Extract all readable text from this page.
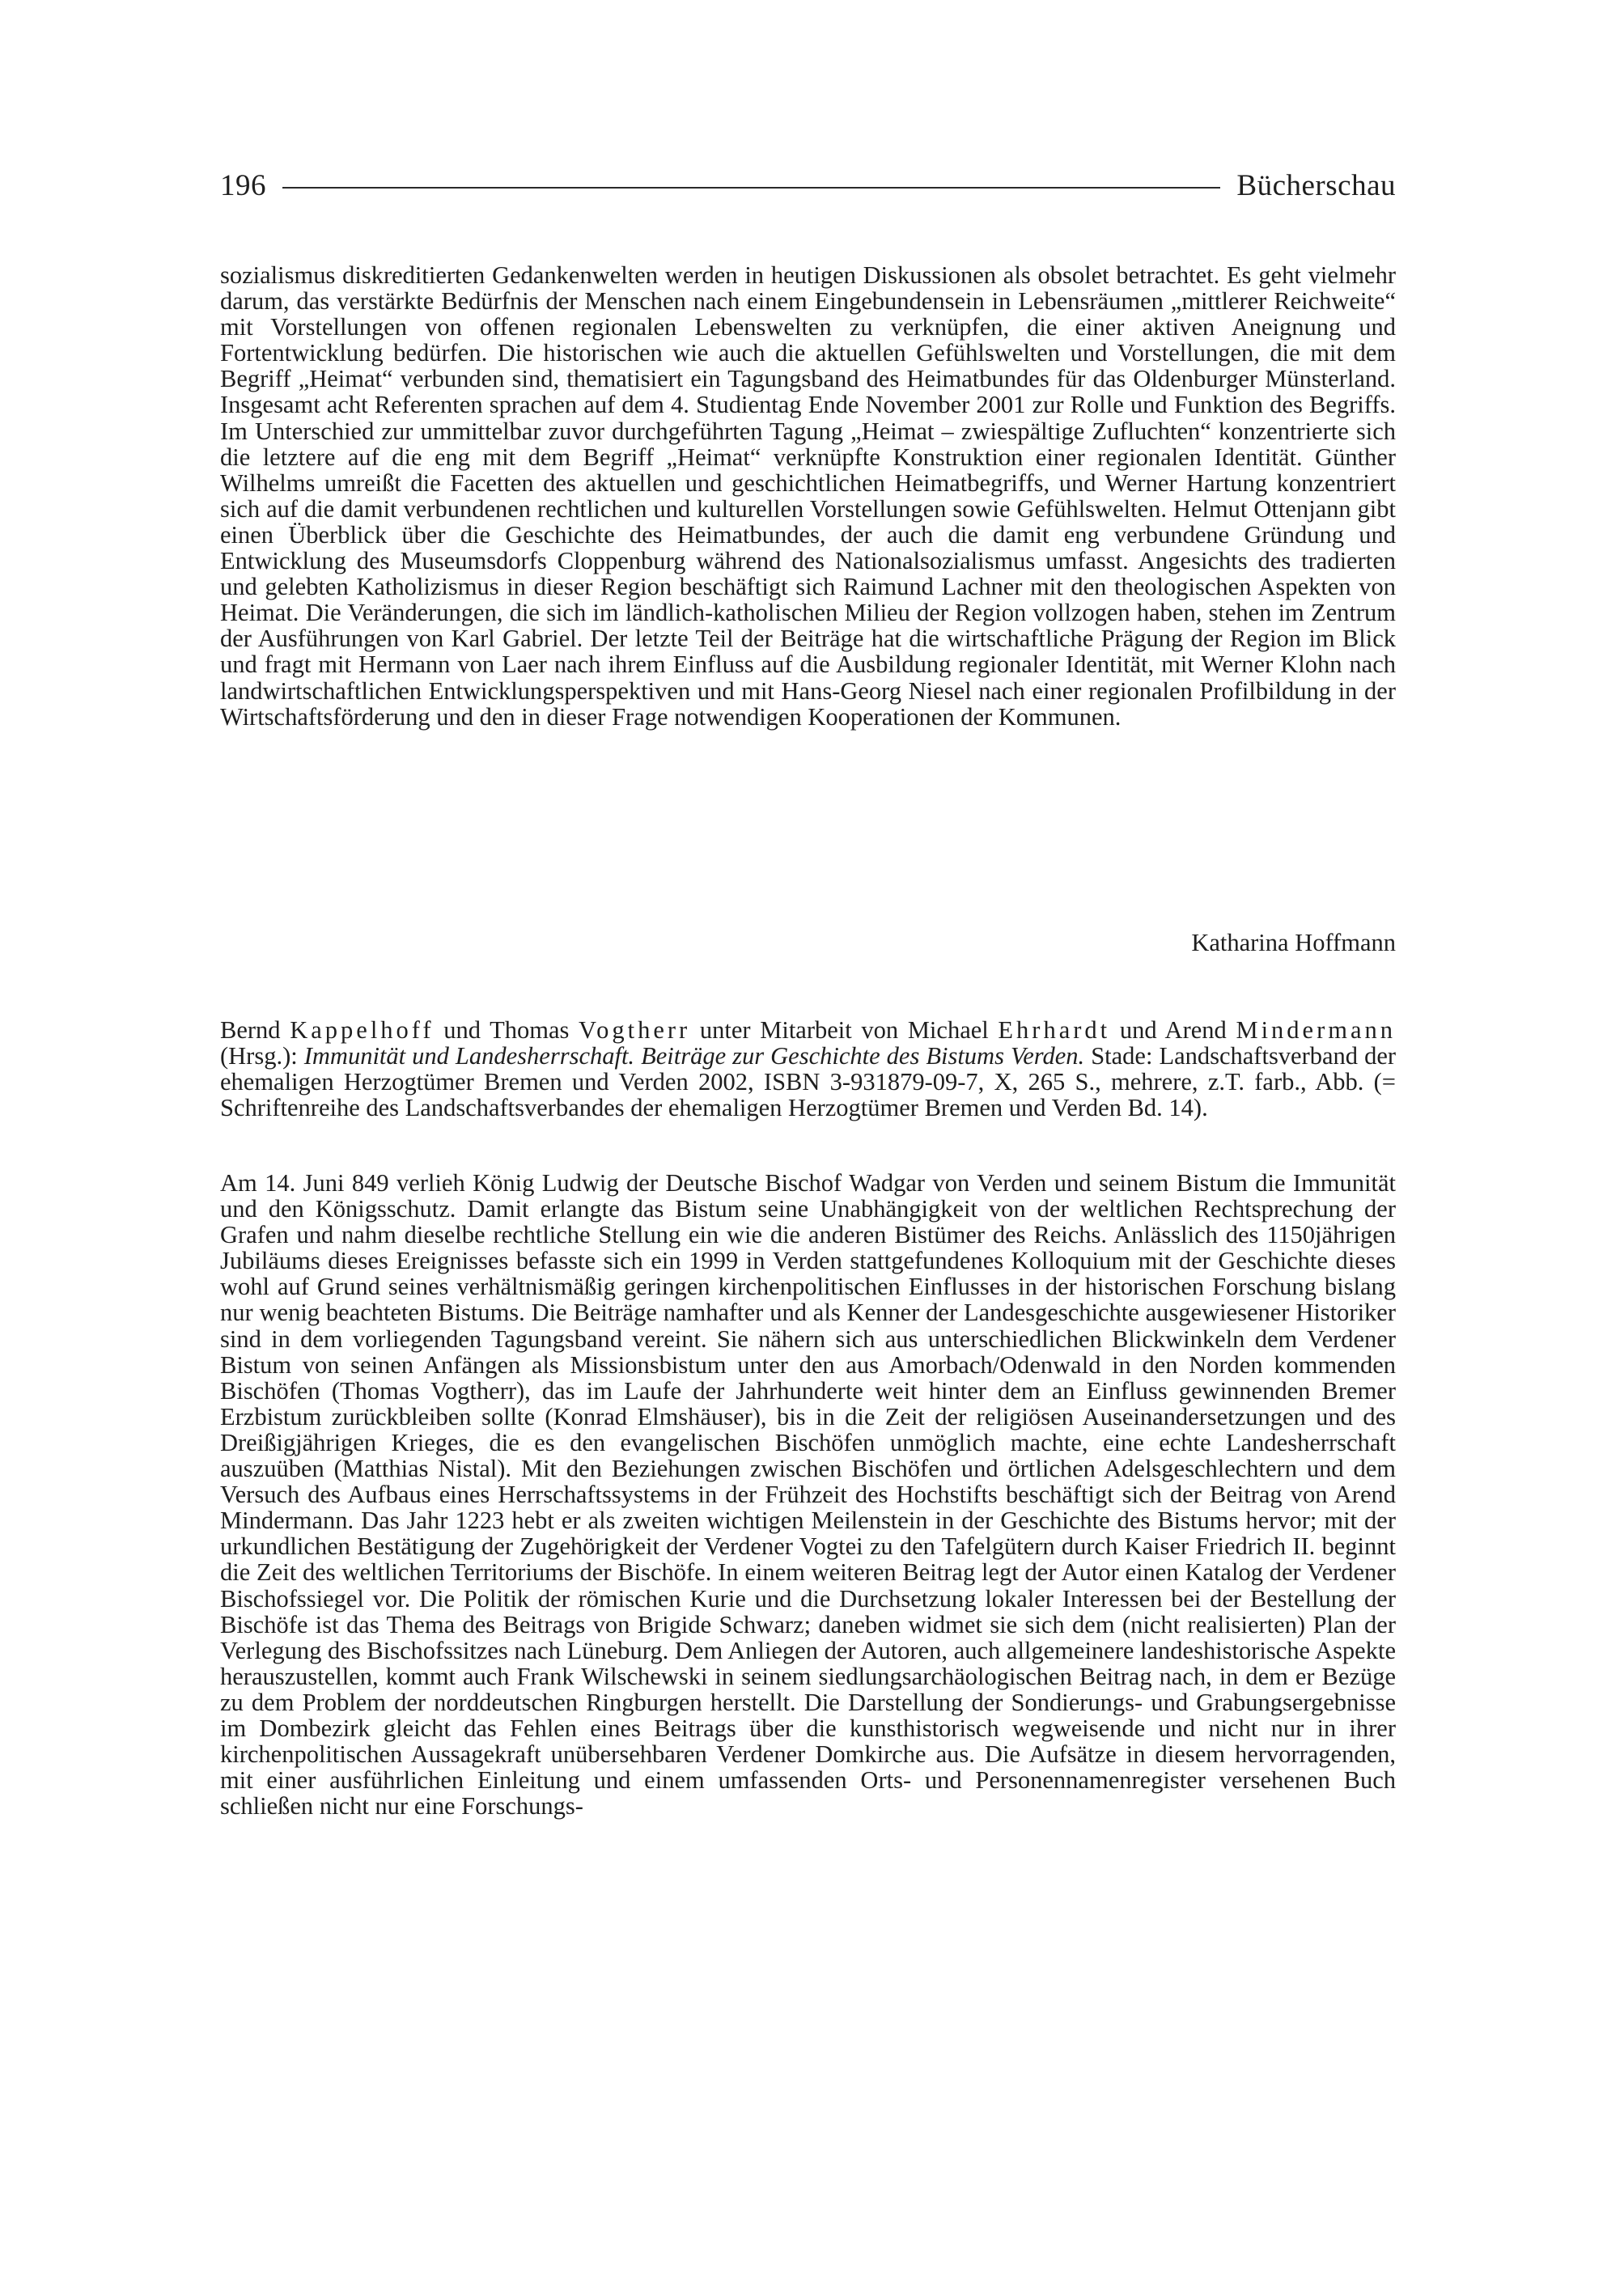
196	Bücherschau

sozialismus diskreditierten Gedankenwelten werden in heutigen Diskussionen als obsolet betrachtet. Es geht vielmehr darum, das verstärkte Bedürfnis der Menschen nach einem Eingebundensein in Lebensräumen „mittlerer Reichweite“ mit Vorstellungen von offenen regionalen Lebenswelten zu verknüpfen, die einer aktiven Aneignung und Fortentwicklung bedürfen. Die historischen wie auch die aktuellen Gefühlswelten und Vorstellungen, die mit dem Begriff „Heimat“ verbunden sind, thematisiert ein Tagungsband des Heimatbundes für das Oldenburger Münsterland. Insgesamt acht Referenten sprachen auf dem 4. Studientag Ende November 2001 zur Rolle und Funktion des Begriffs. Im Unterschied zur ummittelbar zuvor durchgeführten Tagung „Heimat – zwiespältige Zufluchten“ konzentrierte sich die letztere auf die eng mit dem Begriff „Heimat“ verknüpfte Konstruktion einer regionalen Identität. Günther Wilhelms umreißt die Facetten des aktuellen und geschichtlichen Heimatbegriffs, und Werner Hartung konzentriert sich auf die damit verbundenen rechtlichen und kulturellen Vorstellungen sowie Gefühlswelten. Helmut Ottenjann gibt einen Überblick über die Geschichte des Heimatbundes, der auch die damit eng verbundene Gründung und Entwicklung des Museumsdorfs Cloppenburg während des Nationalsozialismus umfasst. Angesichts des tradierten und gelebten Katholizismus in dieser Region beschäftigt sich Raimund Lachner mit den theologischen Aspekten von Heimat. Die Veränderungen, die sich im ländlich-katholischen Milieu der Region vollzogen haben, stehen im Zentrum der Ausführungen von Karl Gabriel. Der letzte Teil der Beiträge hat die wirtschaftliche Prägung der Region im Blick und fragt mit Hermann von Laer nach ihrem Einfluss auf die Ausbildung regionaler Identität, mit Werner Klohn nach landwirtschaftlichen Entwicklungsperspektiven und mit Hans-Georg Niesel nach einer regionalen Profilbildung in der Wirtschaftsförderung und den in dieser Frage notwendigen Kooperationen der Kommunen.

Katharina Hoffmann

Bernd Kappelhoff und Thomas Vogtherr unter Mitarbeit von Michael Ehrhardt und Arend Mindermann (Hrsg.): Immunität und Landesherrschaft. Beiträge zur Geschichte des Bistums Verden. Stade: Landschaftsverband der ehemaligen Herzogtümer Bremen und Verden 2002, ISBN 3-931879-09-7, X, 265 S., mehrere, z.T. farb., Abb. (= Schriftenreihe des Landschaftsverbandes der ehemaligen Herzogtümer Bremen und Verden Bd. 14).

Am 14. Juni 849 verlieh König Ludwig der Deutsche Bischof Wadgar von Verden und seinem Bistum die Immunität und den Königsschutz. Damit erlangte das Bistum seine Unabhängigkeit von der weltlichen Rechtsprechung der Grafen und nahm dieselbe rechtliche Stellung ein wie die anderen Bistümer des Reichs. Anlässlich des 1150jährigen Jubiläums dieses Ereignisses befasste sich ein 1999 in Verden stattgefundenes Kolloquium mit der Geschichte dieses wohl auf Grund seines verhältnismäßig geringen kirchenpolitischen Einflusses in der historischen Forschung bislang nur wenig beachteten Bistums. Die Beiträge namhafter und als Kenner der Landesgeschichte ausgewiesener Historiker sind in dem vorliegenden Tagungsband vereint. Sie nähern sich aus unterschiedlichen Blickwinkeln dem Verdener Bistum von seinen Anfängen als Missionsbistum unter den aus Amorbach/Odenwald in den Norden kommenden Bischöfen (Thomas Vogtherr), das im Laufe der Jahrhunderte weit hinter dem an Einfluss gewinnenden Bremer Erzbistum zurückbleiben sollte (Konrad Elmshäuser), bis in die Zeit der religiösen Auseinandersetzungen und des Dreißigjährigen Krieges, die es den evangelischen Bischöfen unmöglich machte, eine echte Landesherrschaft auszuüben (Matthias Nistal). Mit den Beziehungen zwischen Bischöfen und örtlichen Adelsgeschlechtern und dem Versuch des Aufbaus eines Herrschaftssystems in der Frühzeit des Hochstifts beschäftigt sich der Beitrag von Arend Mindermann. Das Jahr 1223 hebt er als zweiten wichtigen Meilenstein in der Geschichte des Bistums hervor; mit der urkundlichen Bestätigung der Zugehörigkeit der Verdener Vogtei zu den Tafelgütern durch Kaiser Friedrich II. beginnt die Zeit des weltlichen Territoriums der Bischöfe. In einem weiteren Beitrag legt der Autor einen Katalog der Verdener Bischofssiegel vor. Die Politik der römischen Kurie und die Durchsetzung lokaler Interessen bei der Bestellung der Bischöfe ist das Thema des Beitrags von Brigide Schwarz; daneben widmet sie sich dem (nicht realisierten) Plan der Verlegung des Bischofssitzes nach Lüneburg. Dem Anliegen der Autoren, auch allgemeinere landeshistorische Aspekte herauszustellen, kommt auch Frank Wilschewski in seinem siedlungsarchäologischen Beitrag nach, in dem er Bezüge zu dem Problem der norddeutschen Ringburgen herstellt. Die Darstellung der Sondierungs- und Grabungsergebnisse im Dombezirk gleicht das Fehlen eines Beitrags über die kunsthistorisch wegweisende und nicht nur in ihrer kirchenpolitischen Aussagekraft unübersehbaren Verdener Domkirche aus. Die Aufsätze in diesem hervorragenden, mit einer ausführlichen Einleitung und einem umfassenden Orts- und Personennamenregister versehenen Buch schließen nicht nur eine Forschungs-
